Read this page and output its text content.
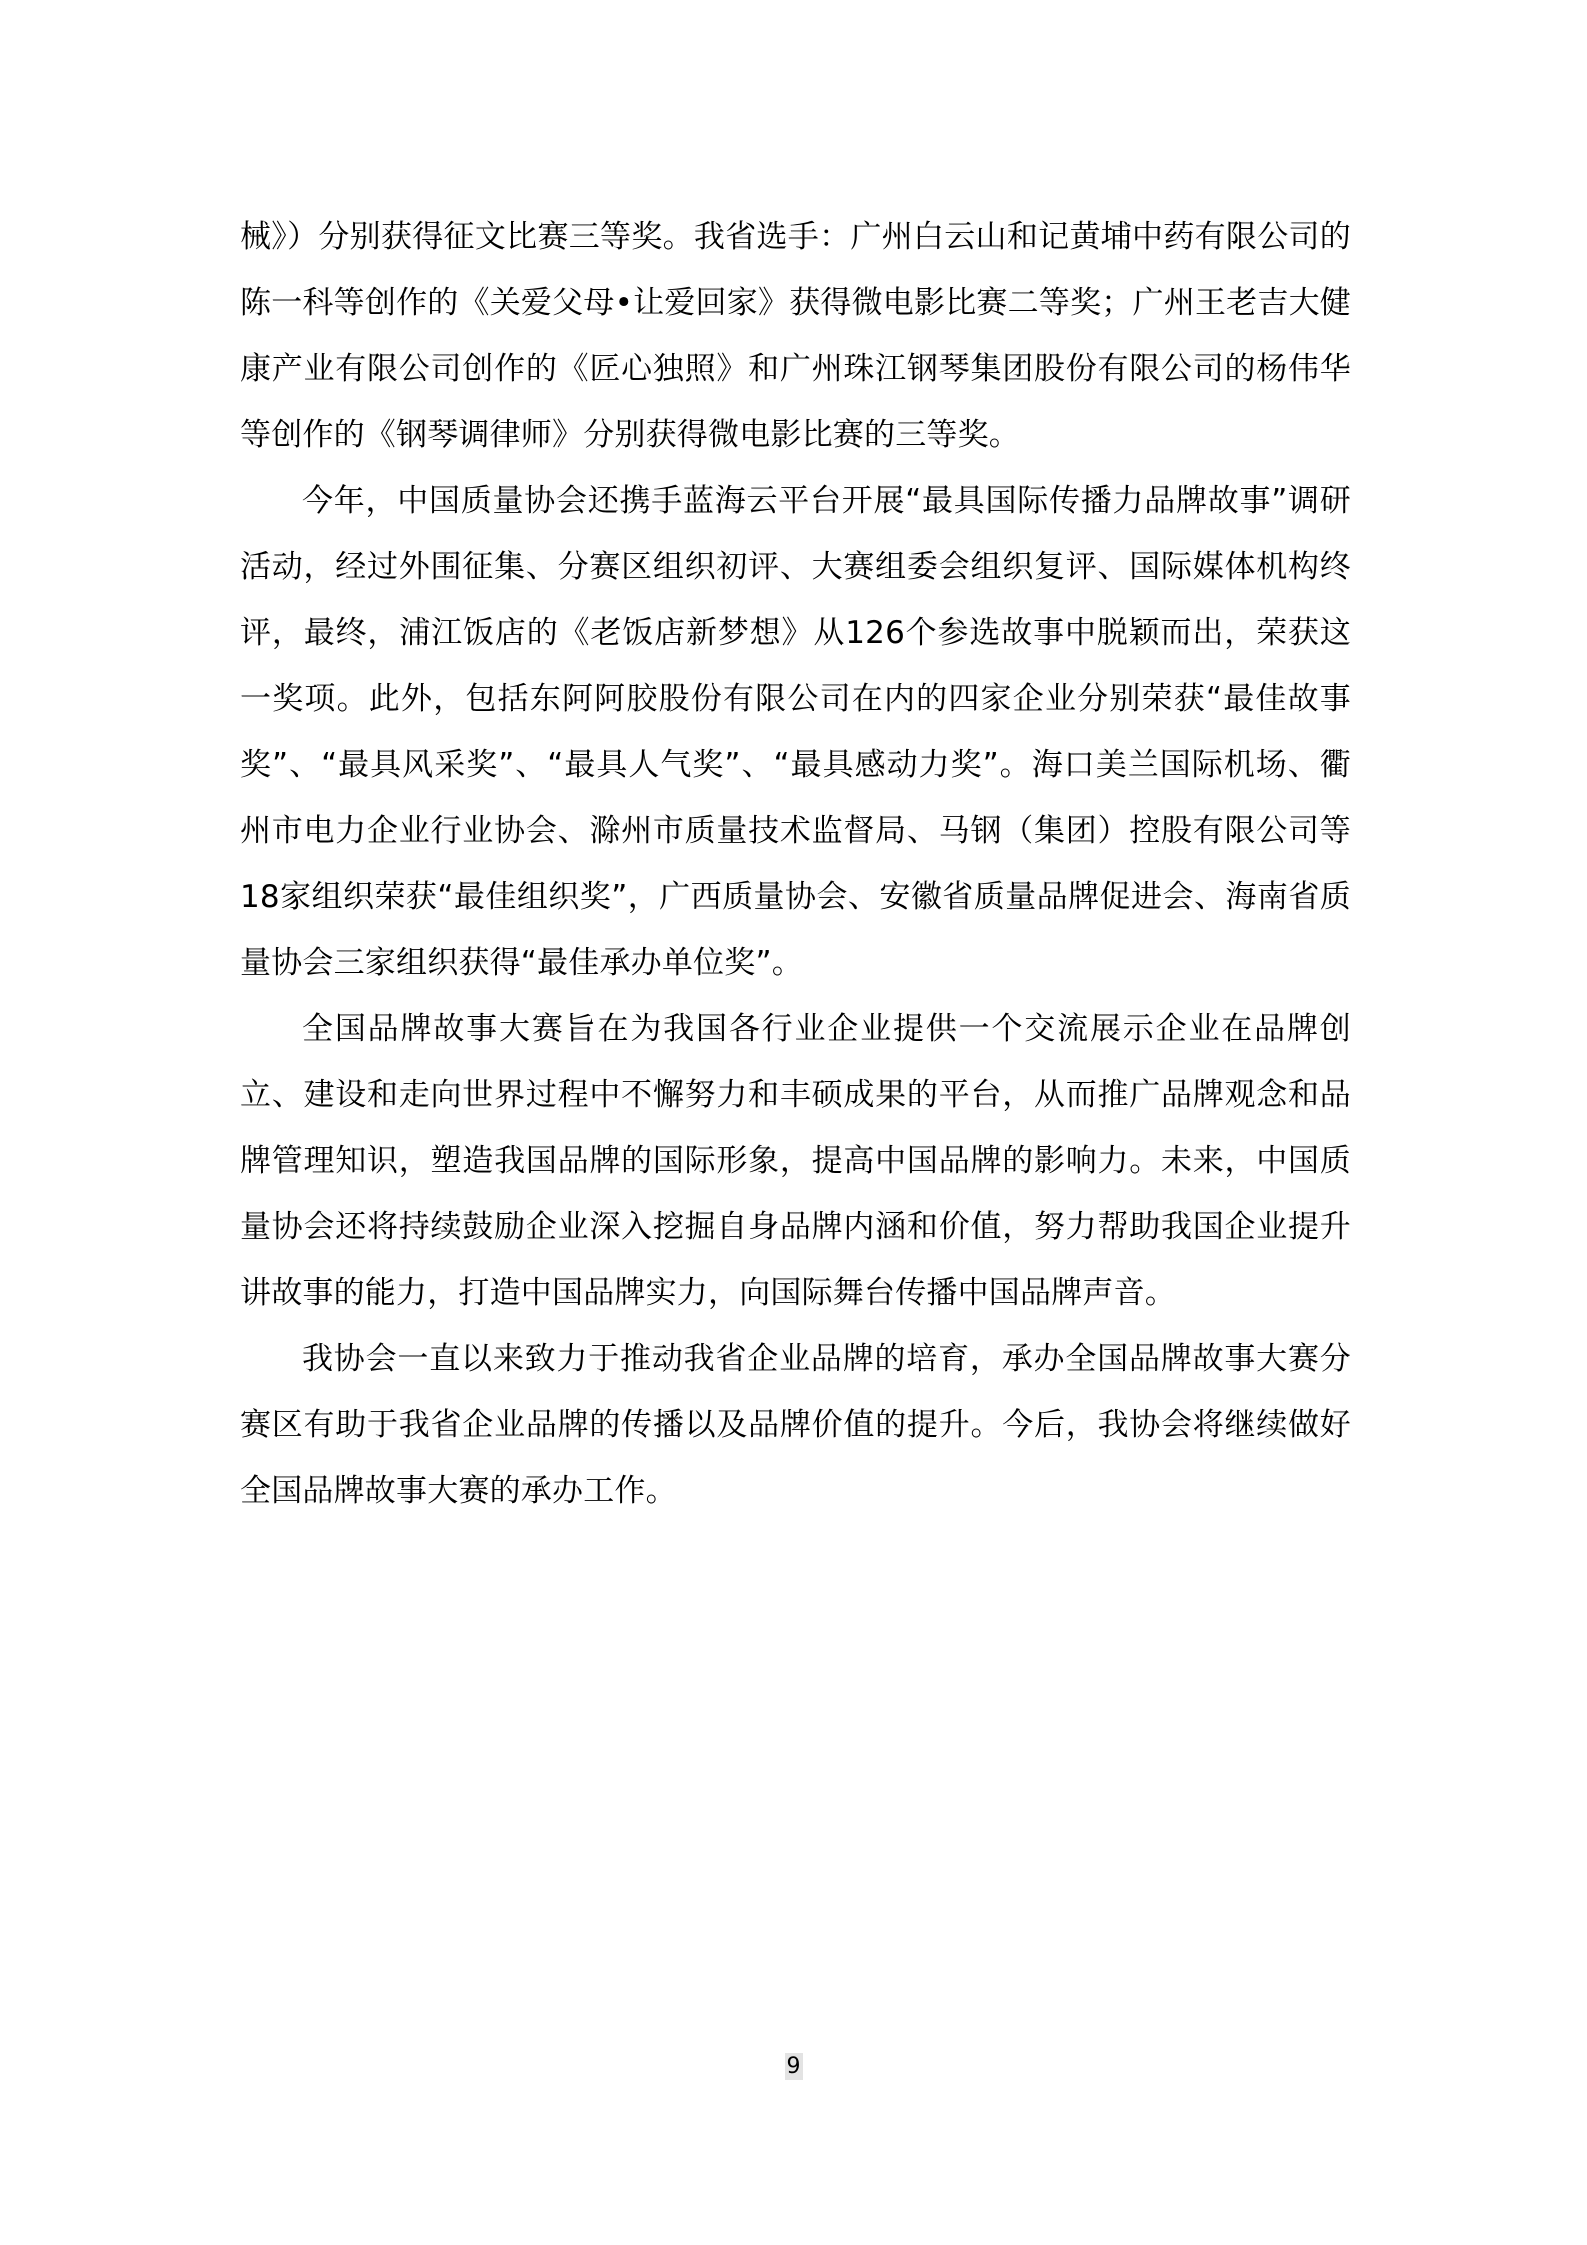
械》）分别获得征文比赛三等奖。我省选手：广州白云山和记黄埔中药有限公司的陈一科等创作的《关爱父母•让爱回家》获得微电影比赛二等奖；广州王老吉大健康产业有限公司创作的《匠心独照》和广州珠江钢琴集团股份有限公司的杨伟华等创作的《钢琴调律师》分别获得微电影比赛的三等奖。

今年，中国质量协会还携手蓝海云平台开展“最具国际传播力品牌故事”调研活动，经过外围征集、分赛区组织初评、大赛组委会组织复评、国际媒体机构终评，最终，浦江饭店的《老饭店新梦想》从126个参选故事中脱颖而出，荣获这一奖项。此外，包括东阿阿胶股份有限公司在内的四家企业分别荣获“最佳故事奖”、“最具风采奖”、“最具人气奖”、“最具感动力奖”。海口美兰国际机场、衢州市电力企业行业协会、滁州市质量技术监督局、马钢（集团）控股有限公司等18家组织荣获“最佳组织奖”，广西质量协会、安徽省质量品牌促进会、海南省质量协会三家组织获得“最佳承办单位奖”。

全国品牌故事大赛旨在为我国各行业企业提供一个交流展示企业在品牌创立、建设和走向世界过程中不懈努力和丰硕成果的平台，从而推广品牌观念和品牌管理知识，塑造我国品牌的国际形象，提高中国品牌的影响力。未来，中国质量协会还将持续鼓励企业深入挖掘自身品牌内涵和价值，努力帮助我国企业提升讲故事的能力，打造中国品牌实力，向国际舞台传播中国品牌声音。

我协会一直以来致力于推动我省企业品牌的培育，承办全国品牌故事大赛分赛区有助于我省企业品牌的传播以及品牌价值的提升。今后，我协会将继续做好全国品牌故事大赛的承办工作。

9
